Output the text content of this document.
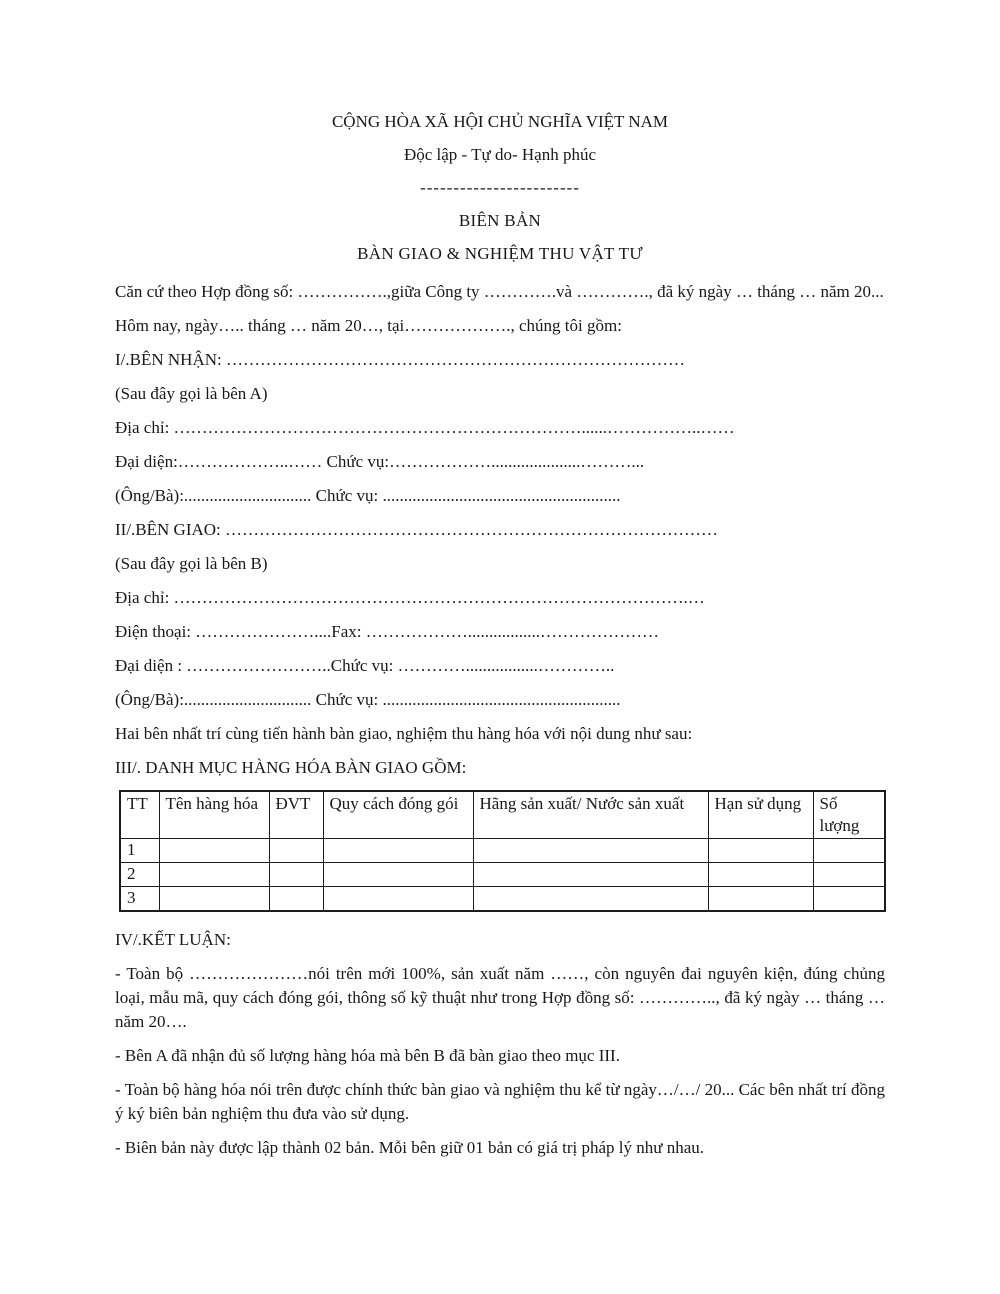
CỘNG HÒA XÃ HỘI CHỦ NGHĨA VIỆT NAM
Độc lập - Tự do- Hạnh phúc
------------------------
BIÊN BẢN
BÀN GIAO & NGHIỆM THU VẬT TƯ

Căn cứ theo Hợp đồng số: …………….,giữa Công ty ………….và …………., đã ký ngày … tháng … năm 20...

Hôm nay, ngày….. tháng … năm 20…, tại………………., chúng tôi gồm:

I/.BÊN NHẬN: ………………………………………………………………………

(Sau đây gọi là bên A)

Địa chỉ: ………………………………………………………………......……………..……

Đại diện:………………..…… Chức vụ:……………….....................………...

(Ông/Bà):.............................. Chức vụ: ........................................................

II/.BÊN GIAO: ……………………………………………………………………………

(Sau đây gọi là bên B)

Địa chỉ: ……………………………………………………………………………….…

Điện thoại: …………………....Fax: ……………….................…………………

Đại diện : ……………………..Chức vụ: ………….................…………..

(Ông/Bà):.............................. Chức vụ: ........................................................

Hai bên nhất trí cùng tiến hành bàn giao, nghiệm thu hàng hóa với nội dung như sau:

III/. DANH MỤC HÀNG HÓA BÀN GIAO GỒM:

TT	Tên hàng hóa	ĐVT	Quy cách đóng gói	Hãng sản xuất/ Nước sản xuất	Hạn sử dụng	Số lượng
1						
2						
3						

IV/.KẾT LUẬN:

- Toàn bộ …………………nói trên mới 100%, sản xuất năm ……, còn nguyên đai nguyên kiện, đúng chủng loại, mẫu mã, quy cách đóng gói, thông số kỹ thuật như trong Hợp đồng số: ………….., đã ký ngày … tháng … năm 20….

- Bên A đã nhận đủ số lượng hàng hóa mà bên B đã bàn giao theo mục III.

- Toàn bộ hàng hóa nói trên được chính thức bàn giao và nghiệm thu kể từ ngày…/…/ 20... Các bên nhất trí đồng ý ký biên bản nghiệm thu đưa vào sử dụng.

- Biên bản này được lập thành 02 bản. Mỗi bên giữ 01 bản có giá trị pháp lý như nhau.
